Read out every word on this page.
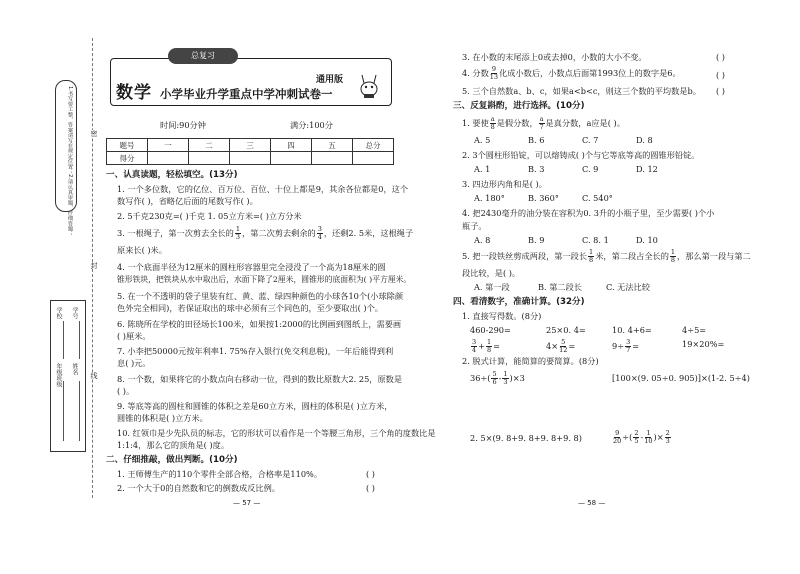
1.书写要工整，答案请写在规定位置；2.请认真审题，仔细答题；
学校
年级班级
学号
姓名
密
封
线
总复习
数学 小学毕业升学重点中学冲刺试卷一
通用版
时间:90分钟	满分:100分
题号	一	二	三	四	五	总分
得分						
一、认真读题，轻松填空。(13分)
1. 一个多位数，它的亿位、百万位、百位、十位上都是9，其余各位都是0，这个
数写作( )，省略亿后面的尾数写作( )。
2. 5千克230克=( )千克 1. 05立方米=( )立方分米
3. 一根绳子，第一次剪去全长的 1
3 ，第二次剪去剩余的 3
4 ，还剩2. 5米，这根绳子
原来长( )米。
4. 一个底面半径为12厘米的圆柱形容器里完全浸没了一个高为18厘米的圆
锥形铁块，把铁块从水中取出后，水面下降了2厘米，圆锥形的底面积为( )平方厘米。
5. 在一个不透明的袋子里装有红、黄、蓝、绿四种颜色的小球各10个(小球除颜
色外完全相同)，若保证取出的球中必须有三个同色的，至少要取出( )个。
6. 陈晓所在学校的田径场长100米，如果按1:2000的比例画到图纸上，需要画
( )厘米。
7. 小李把50000元按年利率1. 75%存入银行(免交利息税)，一年后能得到利
息( )元。
8. 一个数，如果将它的小数点向右移动一位，得到的数比原数大2. 25，原数是
( )。
9. 等底等高的圆柱和圆锥的体积之差是60立方米，圆柱的体积是( )立方米，
圆锥的体积是( )立方米。
10. 红领巾是少先队员的标志，它的形状可以看作是一个等腰三角形，三个角的度数比是
1:1:4，那么它的顶角是( )度。
二、仔细推敲，做出判断。(10分)
1. 王师傅生产的110个零件全部合格，合格率是110%。	( )
2. 一个大于0的自然数和它的倒数成反比例。	( )
— 57 —
3. 在小数的末尾添上0或去掉0，小数的大小不变。	( )
4. 分数 9
13 化成小数后，小数点后面第1993位上的数字是6。	( )
5. 三个自然数a、b、c，如果a<b<c，则这三个数的平均数是b。 ( )
三、反复斟酌，进行选择。(10分)
1. 要使 a
8 是假分数， a
7 是真分数，a应是( )。
A. 5	B. 6	C. 7	D. 8
2. 3个圆柱形铅锭，可以熔铸成( )个与它等底等高的圆锥形铅锭。
A. 1	B. 3	C. 9	D. 12
3. 四边形内角和是( )。
A. 180°	B. 360°	C. 540°
4. 把2430毫升的油分装在容积为0. 3升的小瓶子里，至少需要( )个小
瓶子。
A. 8	B. 9	C. 8. 1	D. 10
5. 把一段铁丝剪成两段，第一段长 1
8 米，第二段占全长的 1
8 ，那么第一段与第二
段比较，是( )。
A. 第一段	B. 第二段长	C. 无法比较
四、看清数字，准确计算。(32分)
1. 直接写得数。(8分)
460-290=	25×0. 4=	10. 4+6=	4÷5=
3
4 + 1
8 =	4× 5
12 =	9÷ 3
7 =	19×20%=
2. 脱式计算，能简算的要简算。(8分)
36÷( 5
6 - 1
3 )×3	[100×(9. 05÷0. 905)]×(1-2. 5÷4)
2. 5×(9. 8+9. 8+9. 8+9. 8)	9
20 ÷( 2
5 - 1
10 )× 2
3
— 58 —
